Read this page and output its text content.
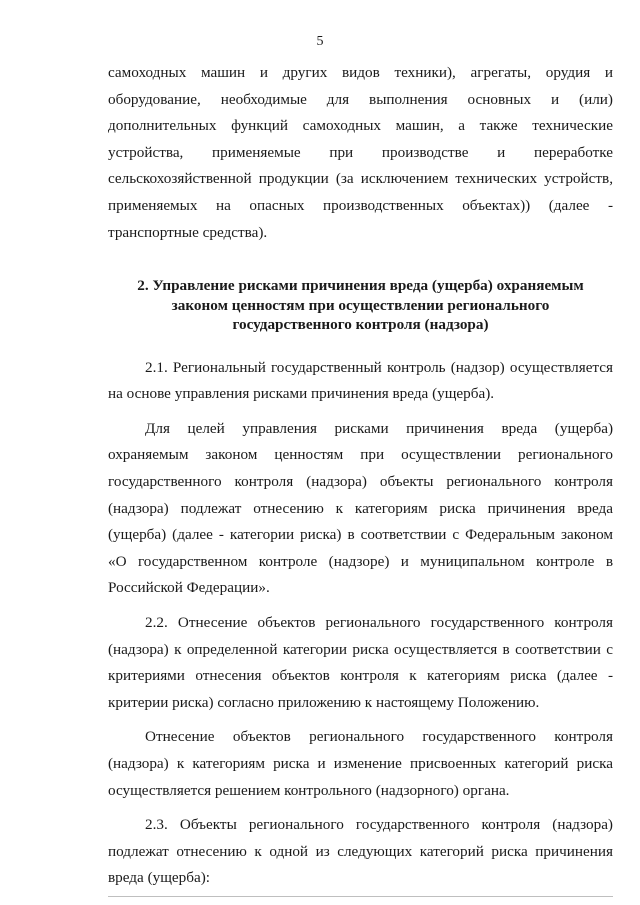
5

самоходных машин и других видов техники), агрегаты, орудия и

оборудование, необходимые для выполнения основных и (или)

дополнительных функций самоходных машин, а также технические

устройства, применяемые при производстве и переработке

сельскохозяйственной продукции (за исключением технических устройств,

применяемых на опасных производственных объектах)) (далее -

транспортные средства).

2. Управление рисками причинения вреда (ущерба) охраняемым
законом ценностям при осуществлении регионального
государственного контроля (надзора)

2.1. Региональный государственный контроль (надзор) осуществляется

на основе управления рисками причинения вреда (ущерба).

Для целей управления рисками причинения вреда (ущерба)

охраняемым законом ценностям при осуществлении регионального

государственного контроля (надзора) объекты регионального контроля

(надзора) подлежат отнесению к категориям риска причинения вреда

(ущерба) (далее - категории риска) в соответствии с Федеральным законом

«О государственном контроле (надзоре) и муниципальном контроле в

Российской Федерации».

2.2. Отнесение объектов регионального государственного контроля

(надзора) к определенной категории риска осуществляется в соответствии с

критериями отнесения объектов контроля к категориям риска (далее -

критерии риска) согласно приложению к настоящему Положению.

Отнесение объектов регионального государственного контроля

(надзора) к категориям риска и изменение присвоенных категорий риска

осуществляется решением контрольного (надзорного) органа.

2.3. Объекты регионального государственного контроля (надзора)

подлежат отнесению к одной из следующих категорий риска причинения

вреда (ущерба):
